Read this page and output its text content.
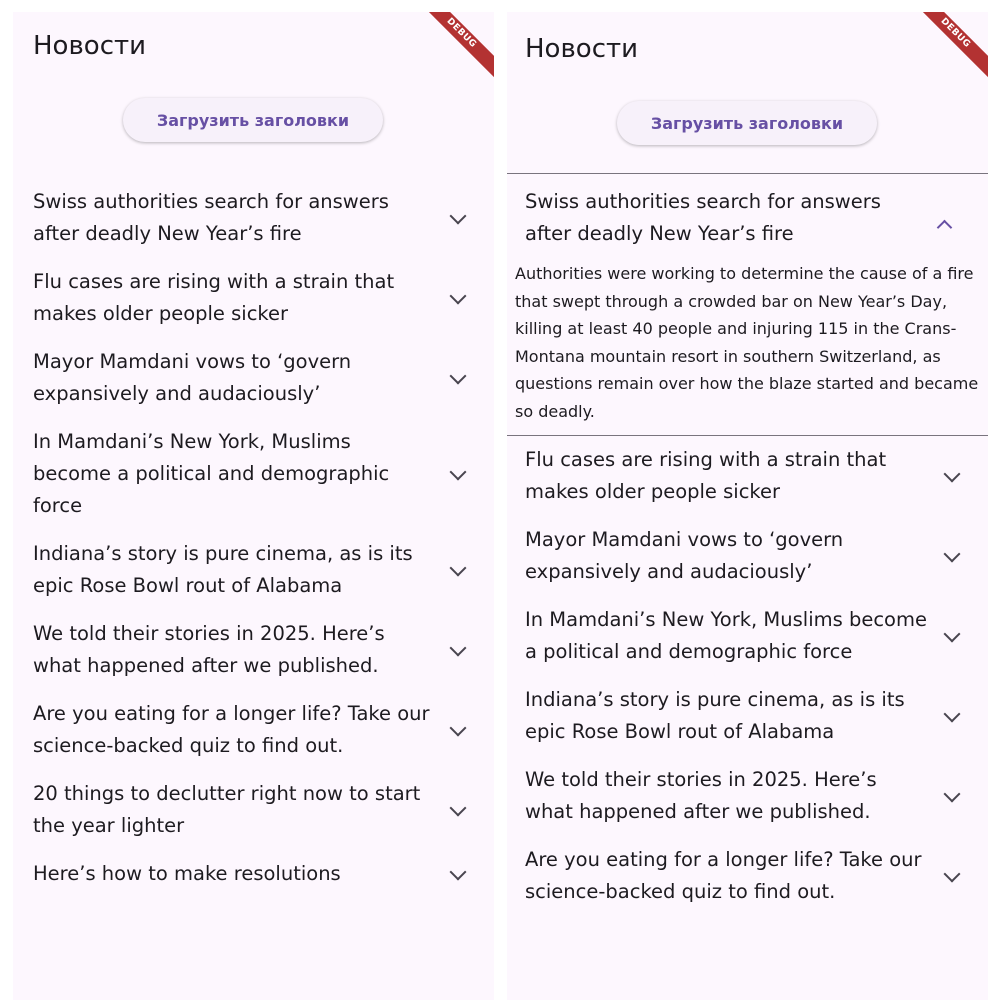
Новости	DEBUG
Загрузить заголовки
Swiss authorities search for answers after deadly New Year’s fire
Flu cases are rising with a strain that makes older people sicker
Mayor Mamdani vows to ‘govern expansively and audaciously’
In Mamdani’s New York, Muslims become a political and demographic force
Indiana’s story is pure cinema, as is its epic Rose Bowl rout of Alabama
We told their stories in 2025. Here’s what happened after we published.
Are you eating for a longer life? Take our science-backed quiz to find out.
20 things to declutter right now to start the year lighter
Here’s how to make resolutions
Новости	DEBUG
Загрузить заголовки
Swiss authorities search for answers after deadly New Year’s fire
Authorities were working to determine the cause of a fire that swept through a crowded bar on New Year’s Day, killing at least 40 people and injuring 115 in the Crans-Montana mountain resort in southern Switzerland, as questions remain over how the blaze started and became so deadly.
Flu cases are rising with a strain that makes older people sicker
Mayor Mamdani vows to ‘govern expansively and audaciously’
In Mamdani’s New York, Muslims become a political and demographic force
Indiana’s story is pure cinema, as is its epic Rose Bowl rout of Alabama
We told their stories in 2025. Here’s what happened after we published.
Are you eating for a longer life? Take our science-backed quiz to find out.
